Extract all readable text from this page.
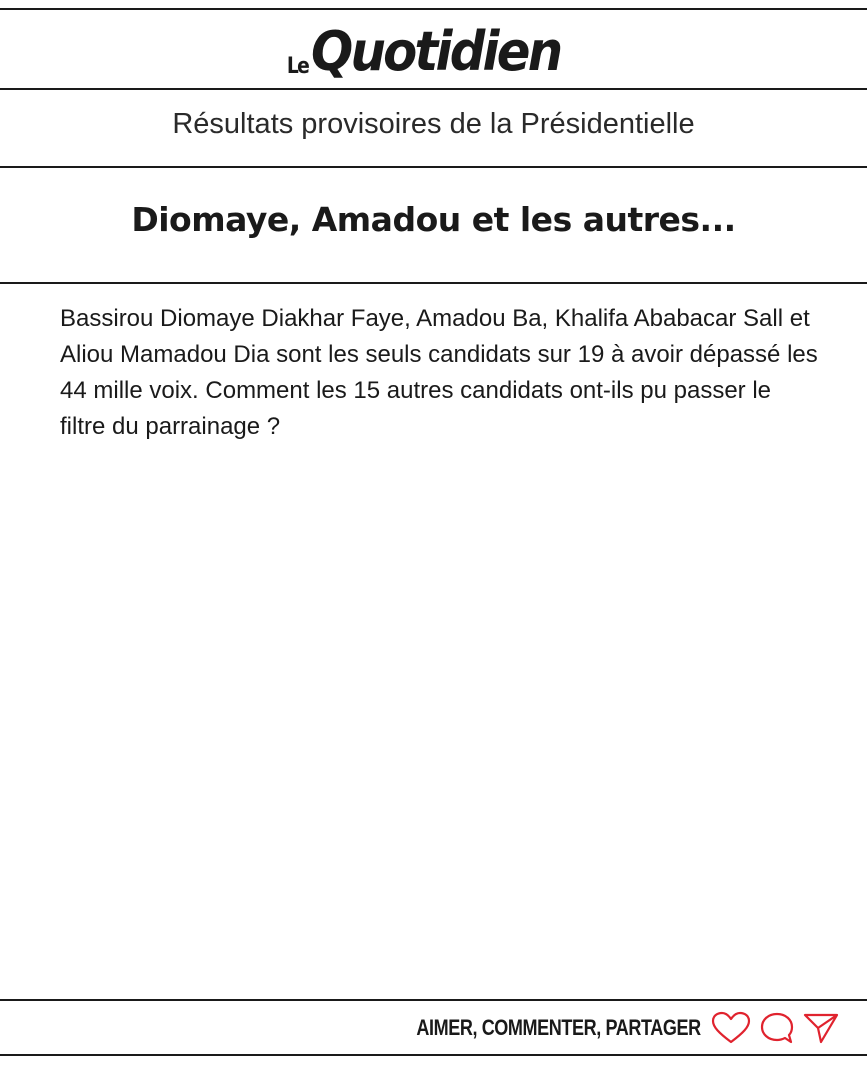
Le Quotidien
Résultats provisoires de la Présidentielle
Diomaye, Amadou et les autres...
Bassirou Diomaye Diakhar Faye, Amadou Ba, Khalifa Ababacar Sall et Aliou Mamadou Dia sont les seuls candidats sur 19 à avoir dépassé les 44 mille voix. Comment les 15 autres candidats ont-ils pu passer le filtre du parrainage ?
AIMER, COMMENTER, PARTAGER
